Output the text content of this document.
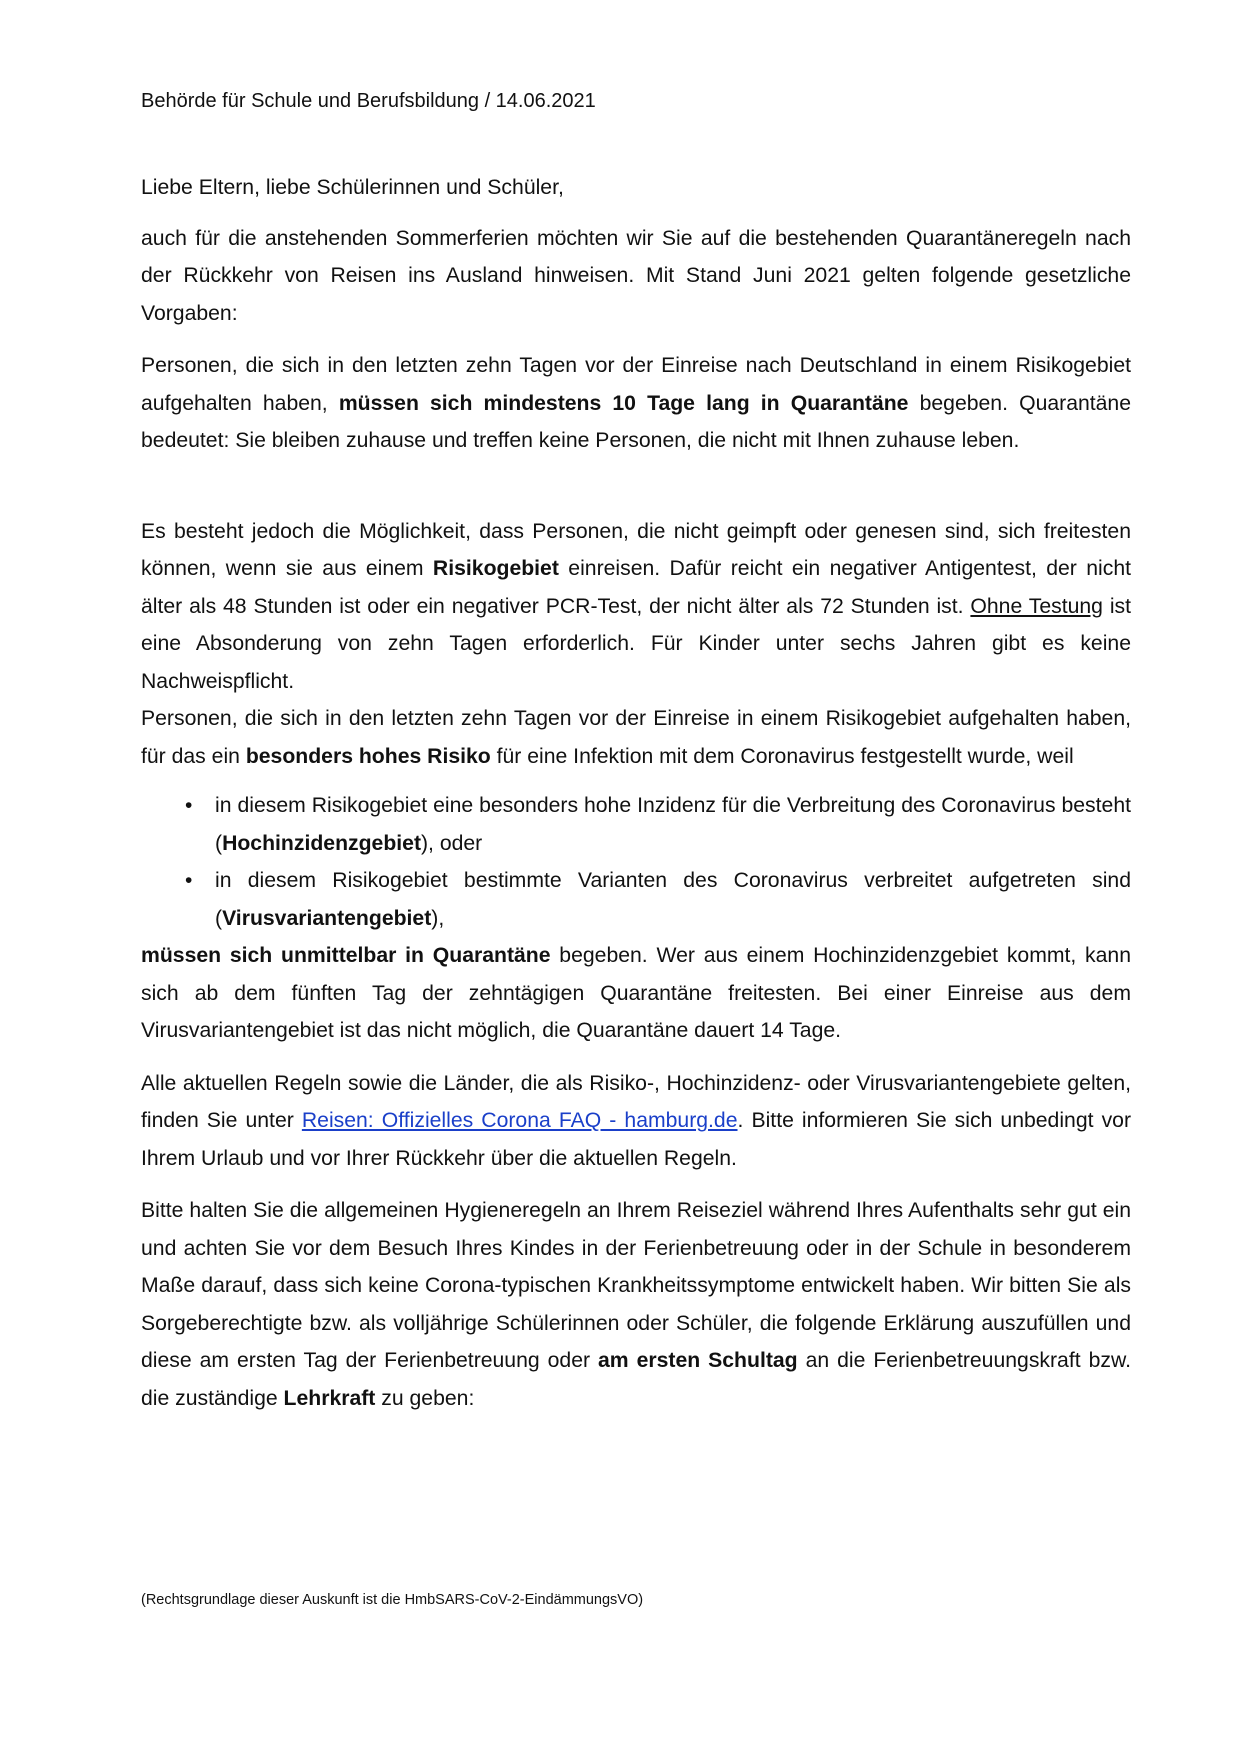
Behörde für Schule und Berufsbildung / 14.06.2021

Liebe Eltern, liebe Schülerinnen und Schüler,

auch für die anstehenden Sommerferien möchten wir Sie auf die bestehenden Quarantäneregeln nach der Rückkehr von Reisen ins Ausland hinweisen. Mit Stand Juni 2021 gelten folgende gesetzliche Vorgaben:

Personen, die sich in den letzten zehn Tagen vor der Einreise nach Deutschland in einem Risikogebiet aufgehalten haben, müssen sich mindestens 10 Tage lang in Quarantäne begeben. Quarantäne bedeutet: Sie bleiben zuhause und treffen keine Personen, die nicht mit Ihnen zuhause leben.

Es besteht jedoch die Möglichkeit, dass Personen, die nicht geimpft oder genesen sind, sich freitesten können, wenn sie aus einem Risikogebiet einreisen. Dafür reicht ein negativer Antigentest, der nicht älter als 48 Stunden ist oder ein negativer PCR-Test, der nicht älter als 72 Stunden ist. Ohne Testung ist eine Absonderung von zehn Tagen erforderlich. Für Kinder unter sechs Jahren gibt es keine Nachweispflicht.

Personen, die sich in den letzten zehn Tagen vor der Einreise in einem Risikogebiet aufgehalten haben, für das ein besonders hohes Risiko für eine Infektion mit dem Coronavirus festgestellt wurde, weil

• in diesem Risikogebiet eine besonders hohe Inzidenz für die Verbreitung des Coronavirus besteht (Hochinzidenzgebiet), oder
• in diesem Risikogebiet bestimmte Varianten des Coronavirus verbreitet aufgetreten sind (Virusvariantengebiet),

müssen sich unmittelbar in Quarantäne begeben. Wer aus einem Hochinzidenzgebiet kommt, kann sich ab dem fünften Tag der zehntägigen Quarantäne freitesten. Bei einer Einreise aus dem Virusvariantengebiet ist das nicht möglich, die Quarantäne dauert 14 Tage.

Alle aktuellen Regeln sowie die Länder, die als Risiko-, Hochinzidenz- oder Virusvariantengebiete gelten, finden Sie unter Reisen: Offizielles Corona FAQ - hamburg.de. Bitte informieren Sie sich unbedingt vor Ihrem Urlaub und vor Ihrer Rückkehr über die aktuellen Regeln.

Bitte halten Sie die allgemeinen Hygieneregeln an Ihrem Reiseziel während Ihres Aufenthalts sehr gut ein und achten Sie vor dem Besuch Ihres Kindes in der Ferienbetreuung oder in der Schule in besonderem Maße darauf, dass sich keine Corona-typischen Krankheitssymptome entwickelt haben. Wir bitten Sie als Sorgeberechtigte bzw. als volljährige Schülerinnen oder Schüler, die folgende Erklärung auszufüllen und diese am ersten Tag der Ferienbetreuung oder am ersten Schultag an die Ferienbetreuungskraft bzw. die zuständige Lehrkraft zu geben:

(Rechtsgrundlage dieser Auskunft ist die HmbSARS-CoV-2-EindämmungsVO)
